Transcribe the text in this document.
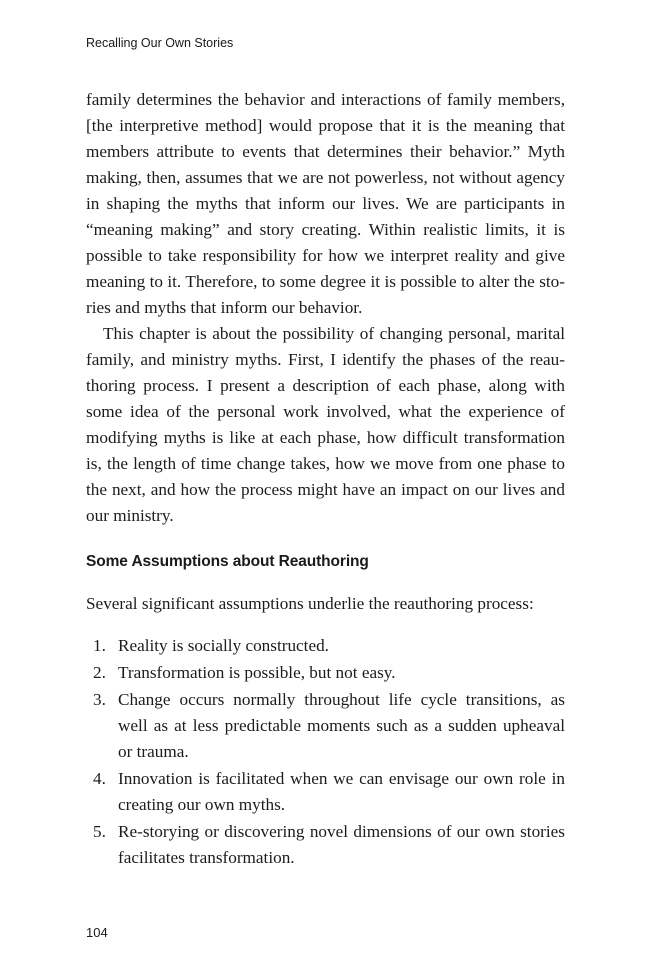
Recalling Our Own Stories

family determines the behavior and interactions of family members, [the interpretive method] would propose that it is the meaning that members attribute to events that determines their behavior.” Myth making, then, assumes that we are not powerless, not without agency in shaping the myths that inform our lives. We are participants in “meaning making” and story creating. Within realistic limits, it is possible to take responsibility for how we interpret reality and give meaning to it. Therefore, to some degree it is possible to alter the sto-ries and myths that inform our behavior.

This chapter is about the possibility of changing personal, marital family, and ministry myths. First, I identify the phases of the reau-thoring process. I present a description of each phase, along with some idea of the personal work involved, what the experience of modifying myths is like at each phase, how difficult transformation is, the length of time change takes, how we move from one phase to the next, and how the process might have an impact on our lives and our ministry.

Some Assumptions about Reauthoring
Several significant assumptions underlie the reauthoring process:
1. Reality is socially constructed.
2. Transformation is possible, but not easy.
3. Change occurs normally throughout life cycle transitions, as well as at less predictable moments such as a sudden upheaval or trauma.
4. Innovation is facilitated when we can envisage our own role in creating our own myths.
5. Re-storying or discovering novel dimensions of our own stories facilitates transformation.
104
